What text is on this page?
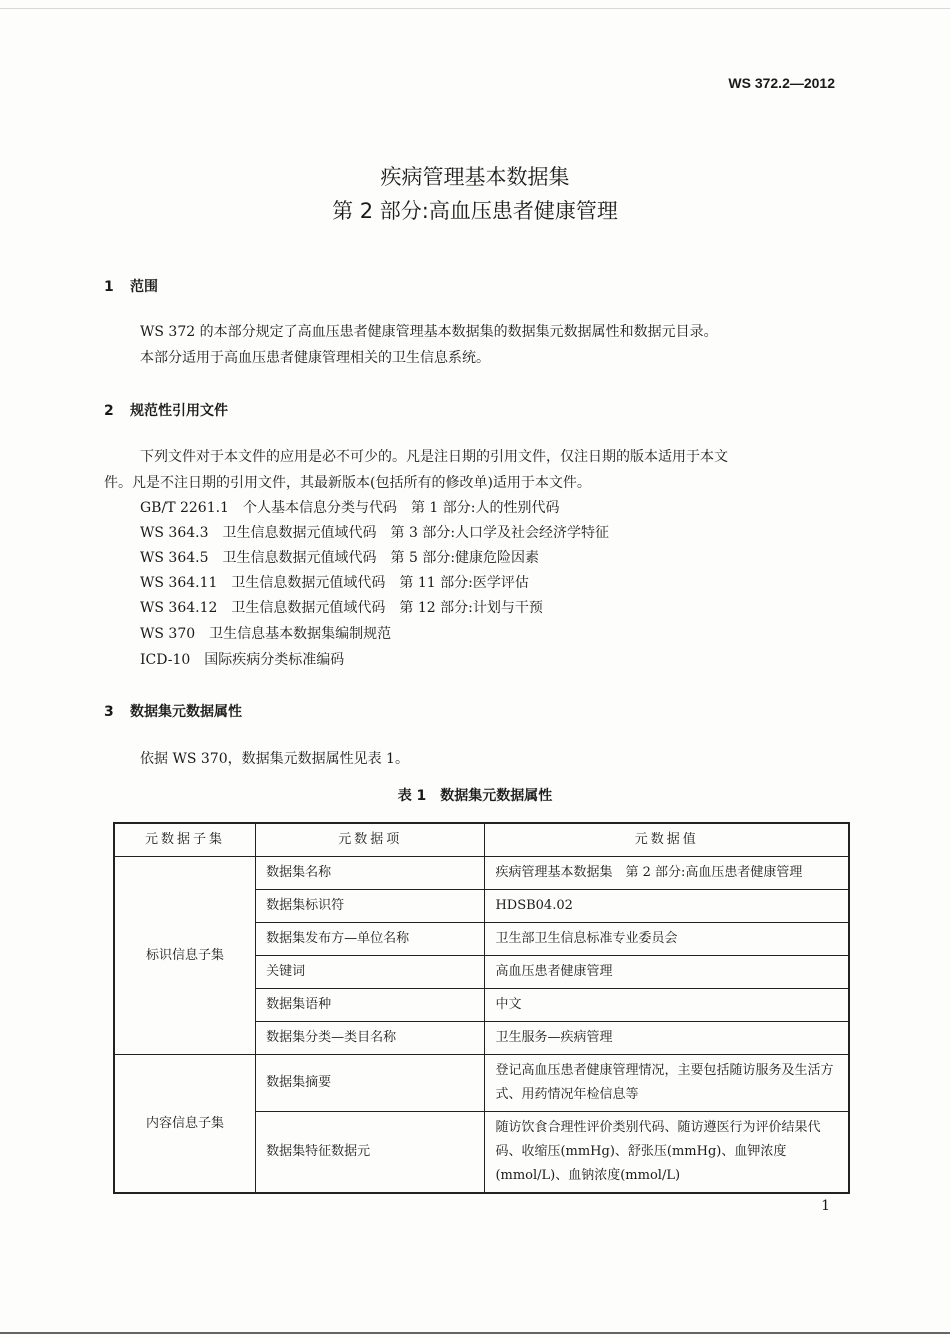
WS 372.2—2012
疾病管理基本数据集
第 2 部分:高血压患者健康管理
1 范围
WS 372 的本部分规定了高血压患者健康管理基本数据集的数据集元数据属性和数据元目录。
本部分适用于高血压患者健康管理相关的卫生信息系统。
2 规范性引用文件
下列文件对于本文件的应用是必不可少的。凡是注日期的引用文件，仅注日期的版本适用于本文
件。凡是不注日期的引用文件，其最新版本(包括所有的修改单)适用于本文件。
GB/T 2261.1　个人基本信息分类与代码　第 1 部分:人的性别代码
WS 364.3　卫生信息数据元值域代码　第 3 部分:人口学及社会经济学特征
WS 364.5　卫生信息数据元值域代码　第 5 部分:健康危险因素
WS 364.11　卫生信息数据元值域代码　第 11 部分:医学评估
WS 364.12　卫生信息数据元值域代码　第 12 部分:计划与干预
WS 370　卫生信息基本数据集编制规范
ICD-10　国际疾病分类标准编码
3 数据集元数据属性
依据 WS 370，数据集元数据属性见表 1。
表 1　数据集元数据属性
元数据子集	元数据项	元数据值
标识信息子集	数据集名称	疾病管理基本数据集　第 2 部分:高血压患者健康管理
	数据集标识符	HDSB04.02
	数据集发布方—单位名称	卫生部卫生信息标准专业委员会
	关键词	高血压患者健康管理
	数据集语种	中文
	数据集分类—类目名称	卫生服务—疾病管理
内容信息子集	数据集摘要	登记高血压患者健康管理情况，主要包括随访服务及生活方式、用药情况年检信息等
	数据集特征数据元	随访饮食合理性评价类别代码、随访遵医行为评价结果代码、收缩压(mmHg)、舒张压(mmHg)、血钾浓度(mmol/L)、血钠浓度(mmol/L)
1
